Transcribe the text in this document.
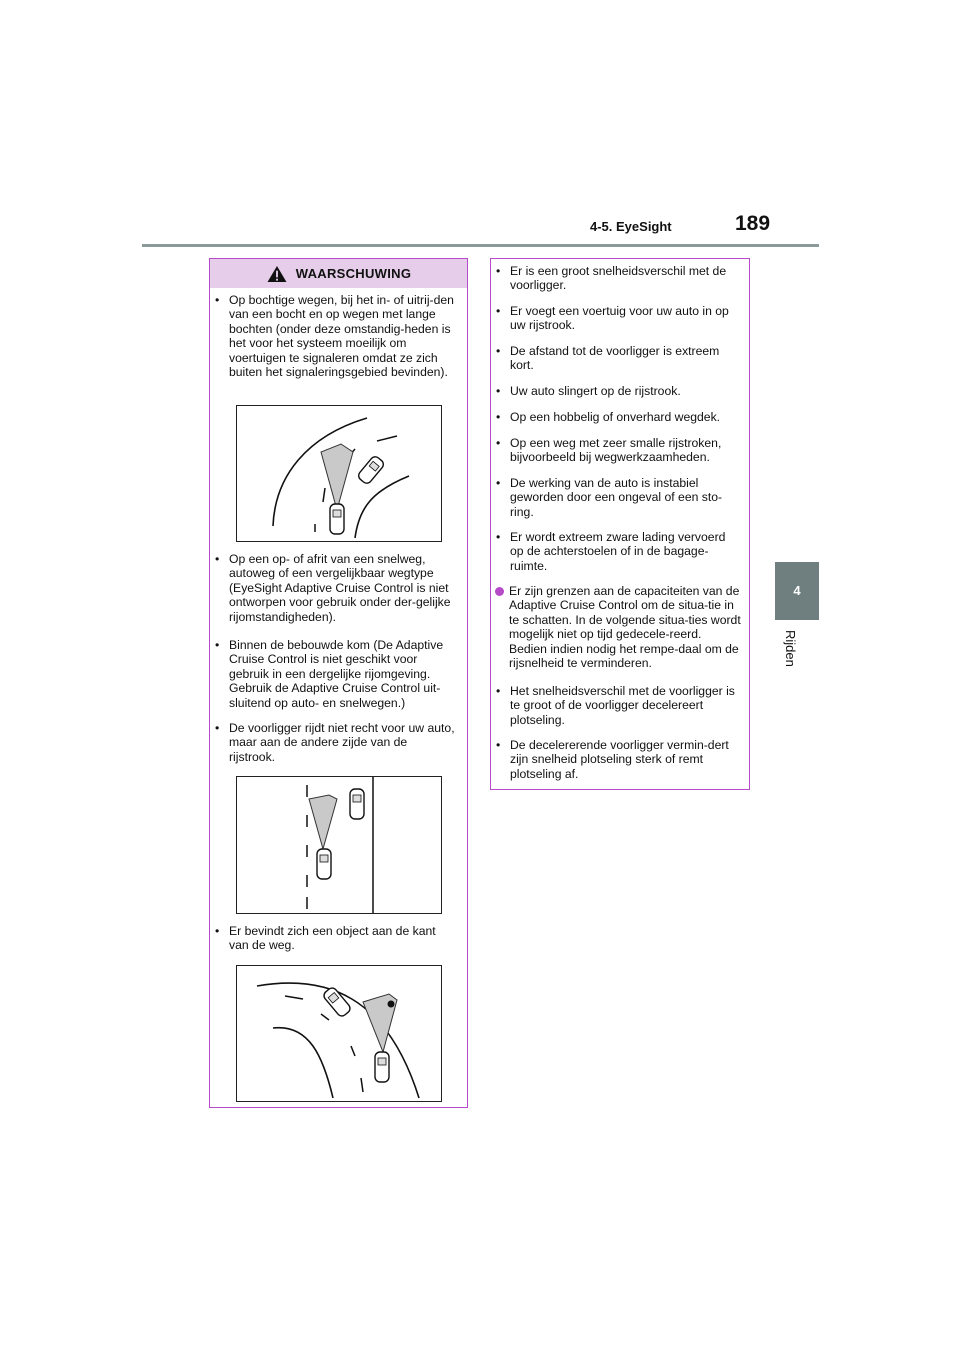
4-5. EyeSight	189
4
Rijden
WAARSCHUWING
• Op bochtige wegen, bij het in- of uitrij-den van een bocht en op wegen met lange bochten (onder deze omstandig-heden is het voor het systeem moeilijk om voertuigen te signaleren omdat ze zich buiten het signaleringsgebied bevinden).
• Op een op- of afrit van een snelweg, autoweg of een vergelijkbaar wegtype (EyeSight Adaptive Cruise Control is niet ontworpen voor gebruik onder der-gelijke rijomstandigheden).
• Binnen de bebouwde kom (De Adaptive Cruise Control is niet geschikt voor gebruik in een dergelijke rijomgeving. Gebruik de Adaptive Cruise Control uit-sluitend op auto- en snelwegen.)
• De voorligger rijdt niet recht voor uw auto, maar aan de andere zijde van de rijstrook.
• Er bevindt zich een object aan de kant van de weg.
• Er is een groot snelheidsverschil met de voorligger.
• Er voegt een voertuig voor uw auto in op uw rijstrook.
• De afstand tot de voorligger is extreem kort.
• Uw auto slingert op de rijstrook.
• Op een hobbelig of onverhard wegdek.
• Op een weg met zeer smalle rijstroken, bijvoorbeeld bij wegwerkzaamheden.
• De werking van de auto is instabiel geworden door een ongeval of een sto-ring.
• Er wordt extreem zware lading vervoerd op de achterstoelen of in de bagage-ruimte.
Er zijn grenzen aan de capaciteiten van de Adaptive Cruise Control om de situa-tie in te schatten. In de volgende situa-ties wordt mogelijk niet op tijd gedecele-reerd. Bedien indien nodig het rempe-daal om de rijsnelheid te verminderen.
• Het snelheidsverschil met de voorligger is te groot of de voorligger decelereert plotseling.
• De decelererende voorligger vermin-dert zijn snelheid plotseling sterk of remt plotseling af.
